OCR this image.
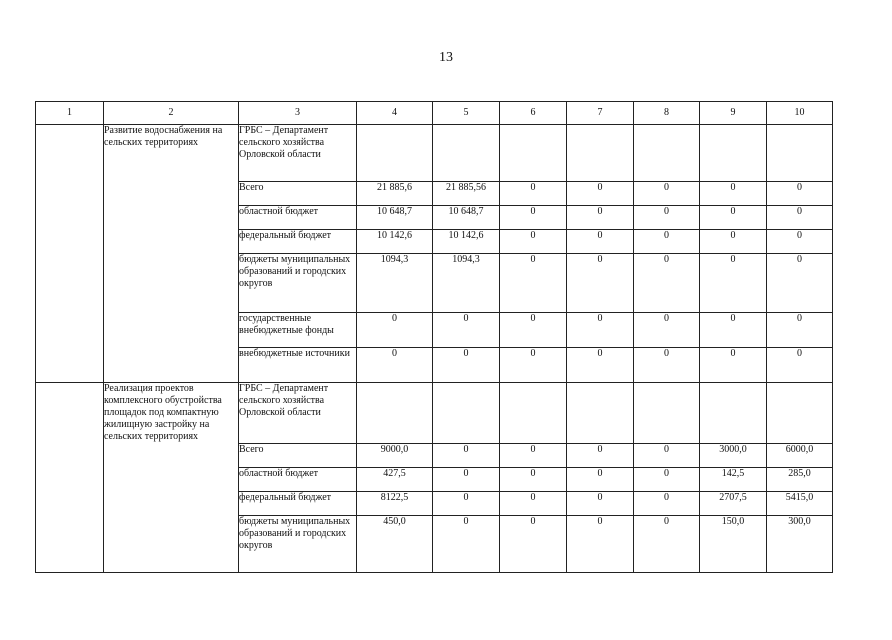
13
1	2	3	4	5	6	7	8	9	10
	Развитие водоснабжения на сельских территориях	ГРБС – Департамент сельского хозяйства Орловской области							
		Всего	21 885,6	21 885,56	0	0	0	0	0
		областной бюджет	10 648,7	10 648,7	0	0	0	0	0
		федеральный бюджет	10 142,6	10 142,6	0	0	0	0	0
		бюджеты муниципальных образований и городских округов	1094,3	1094,3	0	0	0	0	0
		государственные внебюджетные фонды	0	0	0	0	0	0	0
		внебюджетные источники	0	0	0	0	0	0	0
	Реализация проектов комплексного обустройства площадок под компактную жилищную застройку на сельских территориях	ГРБС – Департамент сельского хозяйства Орловской области							
		Всего	9000,0	0	0	0	0	3000,0	6000,0
		областной бюджет	427,5	0	0	0	0	142,5	285,0
		федеральный бюджет	8122,5	0	0	0	0	2707,5	5415,0
		бюджеты муниципальных образований и городских округов	450,0	0	0	0	0	150,0	300,0
